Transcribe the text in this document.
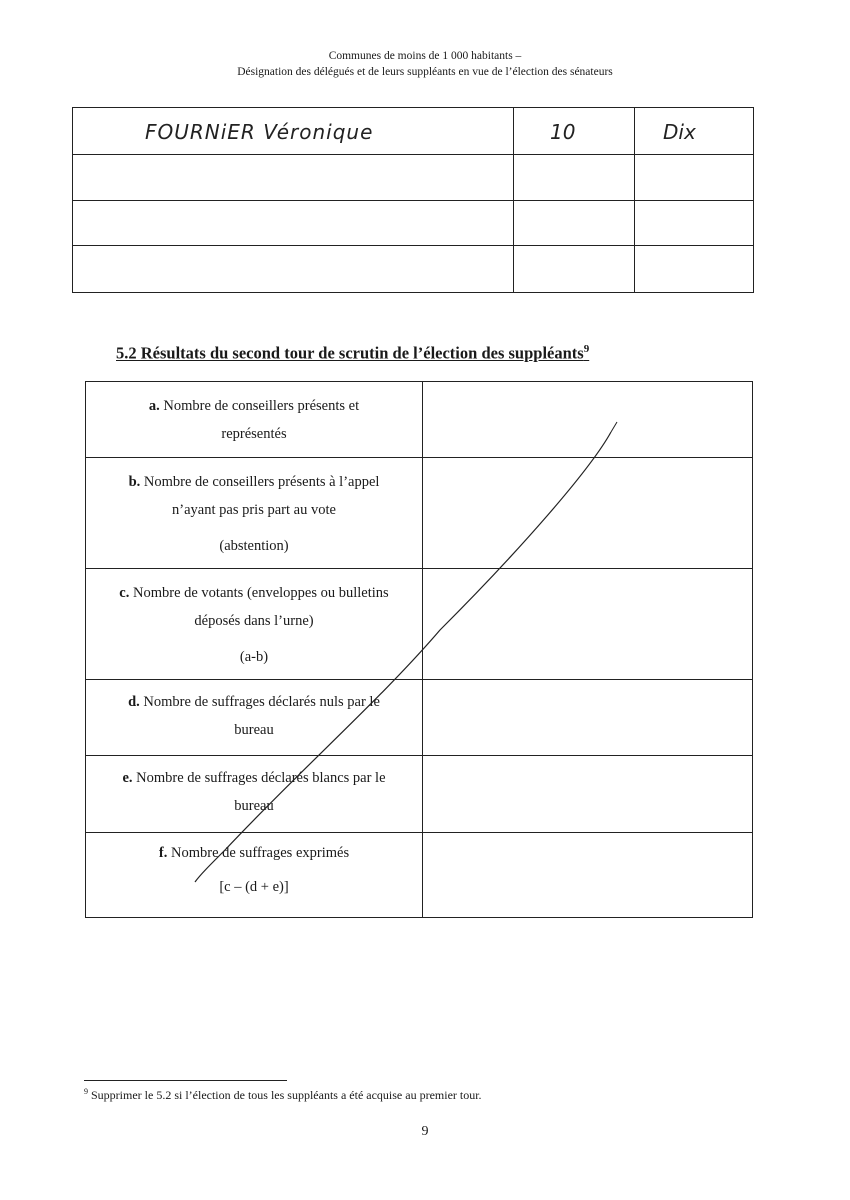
Communes de moins de 1 000 habitants –
Désignation des délégués et de leurs suppléants en vue de l’élection des sénateurs
FOURNiER Véronique	10	Dix
5.2 Résultats du second tour de scrutin de l’élection des suppléants$^9$
a. Nombre de conseillers présents et
représentés
b. Nombre de conseillers présents à l’appel
n’ayant pas pris part au vote
(abstention)
c. Nombre de votants (enveloppes ou bulletins
déposés dans l’urne)
(a-b)
d. Nombre de suffrages déclarés nuls par le
bureau
e. Nombre de suffrages déclarés blancs par le
bureau
f. Nombre de suffrages exprimés
[c – (d + e)]
$^9$ Supprimer le 5.2 si l’élection de tous les suppléants a été acquise au premier tour.
9
